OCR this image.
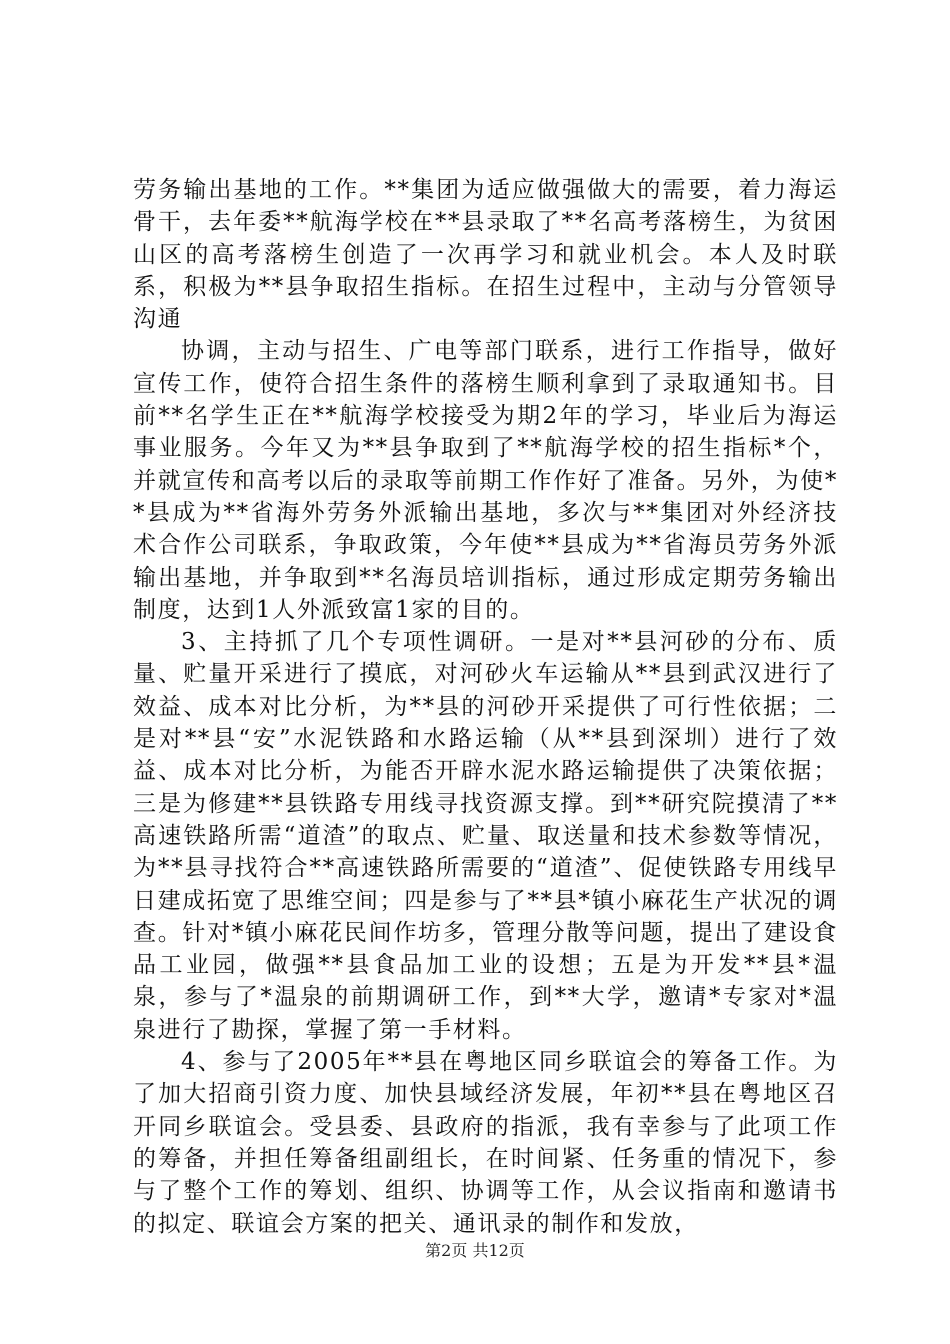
劳务输出基地的工作。**集团为适应做强做大的需要，着力海运骨干，去年委**航海学校在**县录取了**名高考落榜生，为贫困山区的高考落榜生创造了一次再学习和就业机会。本人及时联系，积极为**县争取招生指标。在招生过程中，主动与分管领导沟通

协调，主动与招生、广电等部门联系，进行工作指导，做好宣传工作，使符合招生条件的落榜生顺利拿到了录取通知书。目前**名学生正在**航海学校接受为期2年的学习，毕业后为海运事业服务。今年又为**县争取到了**航海学校的招生指标*个，并就宣传和高考以后的录取等前期工作作好了准备。另外，为使**县成为**省海外劳务外派输出基地，多次与**集团对外经济技术合作公司联系，争取政策，今年使**县成为**省海员劳务外派输出基地，并争取到**名海员培训指标，通过形成定期劳务输出制度，达到1人外派致富1家的目的。

3、主持抓了几个专项性调研。一是对**县河砂的分布、质量、贮量开采进行了摸底，对河砂火车运输从**县到武汉进行了效益、成本对比分析，为**县的河砂开采提供了可行性依据；二是对**县“安”水泥铁路和水路运输（从**县到深圳）进行了效益、成本对比分析，为能否开辟水泥水路运输提供了决策依据；三是为修建**县铁路专用线寻找资源支撑。到**研究院摸清了**高速铁路所需“道渣”的取点、贮量、取送量和技术参数等情况，为**县寻找符合**高速铁路所需要的“道渣”、促使铁路专用线早日建成拓宽了思维空间；四是参与了**县*镇小麻花生产状况的调查。针对*镇小麻花民间作坊多，管理分散等问题，提出了建设食品工业园，做强**县食品加工业的设想；五是为开发**县*温泉，参与了*温泉的前期调研工作，到**大学，邀请*专家对*温泉进行了勘探，掌握了第一手材料。

4、参与了2005年**县在粤地区同乡联谊会的筹备工作。为了加大招商引资力度、加快县域经济发展，年初**县在粤地区召开同乡联谊会。受县委、县政府的指派，我有幸参与了此项工作的筹备，并担任筹备组副组长，在时间紧、任务重的情况下，参与了整个工作的筹划、组织、协调等工作，从会议指南和邀请书的拟定、联谊会方案的把关、通讯录的制作和发放，

第2页 共12页
